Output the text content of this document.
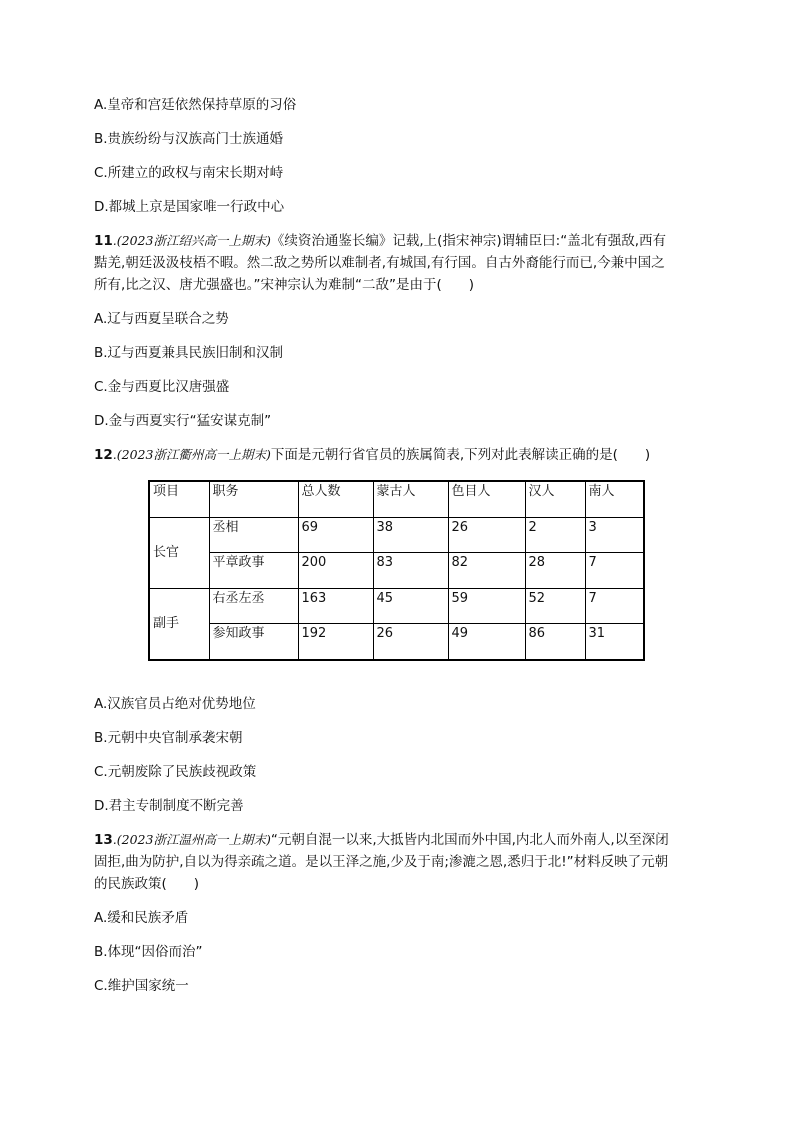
A.皇帝和宫廷依然保持草原的习俗
B.贵族纷纷与汉族高门士族通婚
C.所建立的政权与南宋长期对峙
D.都城上京是国家唯一行政中心
11.(2023浙江绍兴高一上期末)《续资治通鉴长编》记载,上(指宋神宗)谓辅臣曰:“盖北有强敌,西有
黠羌,朝廷汲汲枝梧不暇。然二敌之势所以难制者,有城国,有行国。自古外裔能行而已,今兼中国之
所有,比之汉、唐尤强盛也。”宋神宗认为难制“二敌”是由于(　　)
A.辽与西夏呈联合之势
B.辽与西夏兼具民族旧制和汉制
C.金与西夏比汉唐强盛
D.金与西夏实行“猛安谋克制”
12.(2023浙江衢州高一上期末)下面是元朝行省官员的族属简表,下列对此表解读正确的是(　　)
项目	职务	总人数	蒙古人	色目人	汉人	南人
长官	丞相	69	38	26	2	3
	平章政事	200	83	82	28	7
副手	右丞左丞	163	45	59	52	7
	参知政事	192	26	49	86	31
A.汉族官员占绝对优势地位
B.元朝中央官制承袭宋朝
C.元朝废除了民族歧视政策
D.君主专制制度不断完善
13.(2023浙江温州高一上期末)“元朝自混一以来,大抵皆内北国而外中国,内北人而外南人,以至深闭
固拒,曲为防护,自以为得亲疏之道。是以王泽之施,少及于南;渗漉之恩,悉归于北!”材料反映了元朝
的民族政策(　　)
A.缓和民族矛盾
B.体现“因俗而治”
C.维护国家统一
